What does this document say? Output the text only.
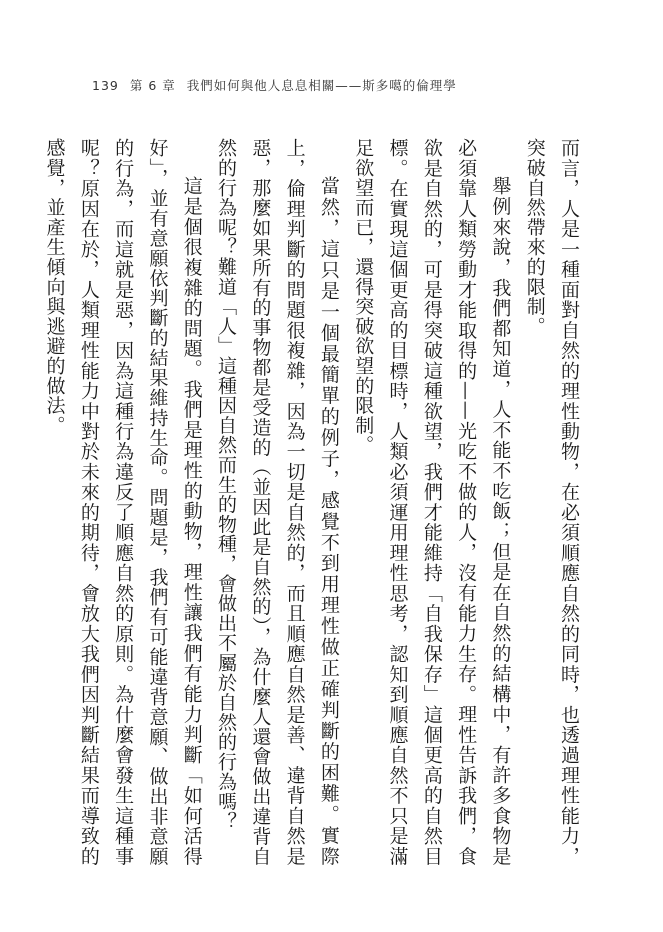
139 第 6 章 我們如何與他人息息相關——斯多噶的倫理學

而言，人是一種面對自然的理性動物，在必須順應自然的同時，也透過理性能力，突破自然帶來的限制。

舉例來說，我們都知道，人不能不吃飯；但是在自然的結構中，有許多食物是必須靠人類勞動才能取得的——光吃不做的人，沒有能力生存。理性告訴我們，食欲是自然的，可是得突破這種欲望，我們才能維持「自我保存」這個更高的自然目標。在實現這個更高的目標時，人類必須運用理性思考，認知到順應自然不只是滿足欲望而已，還得突破欲望的限制。

當然，這只是一個最簡單的例子，感覺不到用理性做正確判斷的困難。實際上，倫理判斷的問題很複雜，因為一切是自然的，而且順應自然是善、違背自然是惡，那麼如果所有的事物都是受造的（並因此是自然的），為什麼人還會做出違背自然的行為呢？難道「人」這種因自然而生的物種，會做出不屬於自然的行為嗎？

這是個很複雜的問題。我們是理性的動物，理性讓我們有能力判斷「如何活得好」，並有意願依判斷的結果維持生命。問題是，我們有可能違背意願、做出非意願的行為，而這就是惡，因為這種行為違反了順應自然的原則。為什麼會發生這種事呢？原因在於，人類理性能力中對於未來的期待，會放大我們因判斷結果而導致的感覺，並產生傾向與逃避的做法。
